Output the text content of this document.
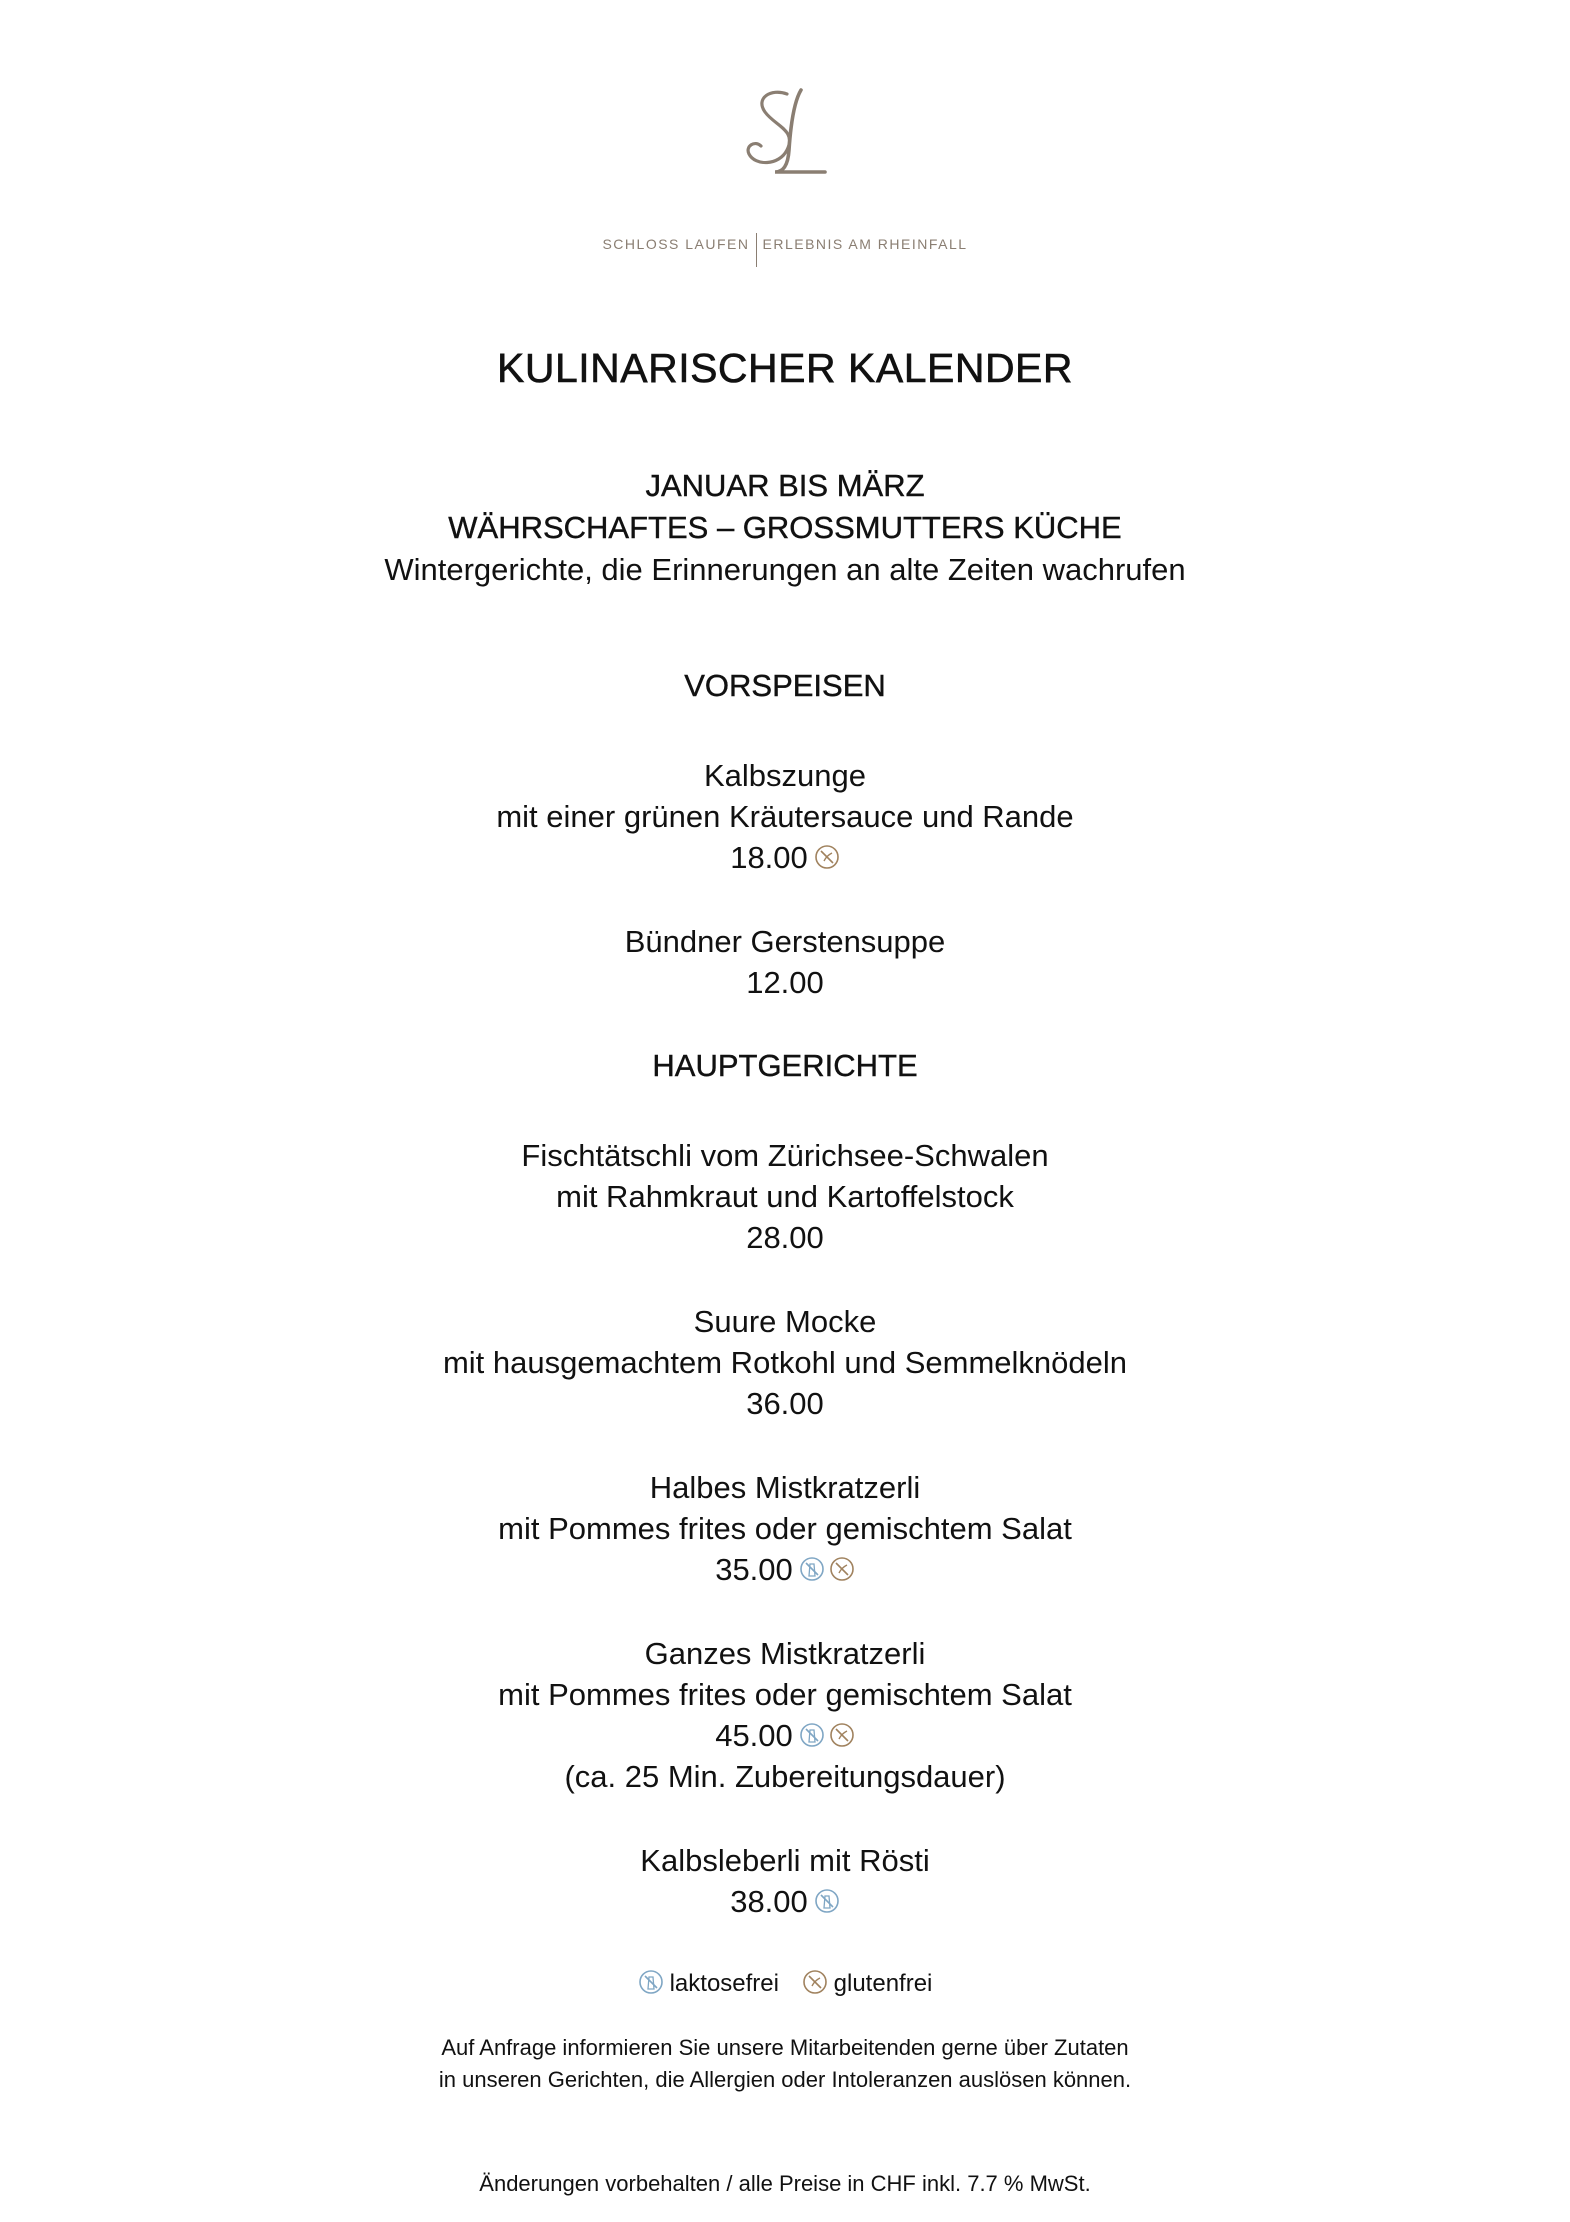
SCHLOSS LAUFEN ERLEBNIS AM RHEINFALL
KULINARISCHER KALENDER
JANUAR BIS MÄRZ
WÄHRSCHAFTES – GROSSMUTTERS KÜCHE
Wintergerichte, die Erinnerungen an alte Zeiten wachrufen
VORSPEISEN
Kalbszunge
mit einer grünen Kräutersauce und Rande
18.00
Bündner Gerstensuppe
12.00
HAUPTGERICHTE
Fischtätschli vom Zürichsee-Schwalen
mit Rahmkraut und Kartoffelstock
28.00
Suure Mocke
mit hausgemachtem Rotkohl und Semmelknödeln
36.00
Halbes Mistkratzerli
mit Pommes frites oder gemischtem Salat
35.00
Ganzes Mistkratzerli
mit Pommes frites oder gemischtem Salat
45.00
(ca. 25 Min. Zubereitungsdauer)
Kalbsleberli mit Rösti
38.00
laktosefrei glutenfrei
Auf Anfrage informieren Sie unsere Mitarbeitenden gerne über Zutaten
in unseren Gerichten, die Allergien oder Intoleranzen auslösen können.
Änderungen vorbehalten / alle Preise in CHF inkl. 7.7 % MwSt.
